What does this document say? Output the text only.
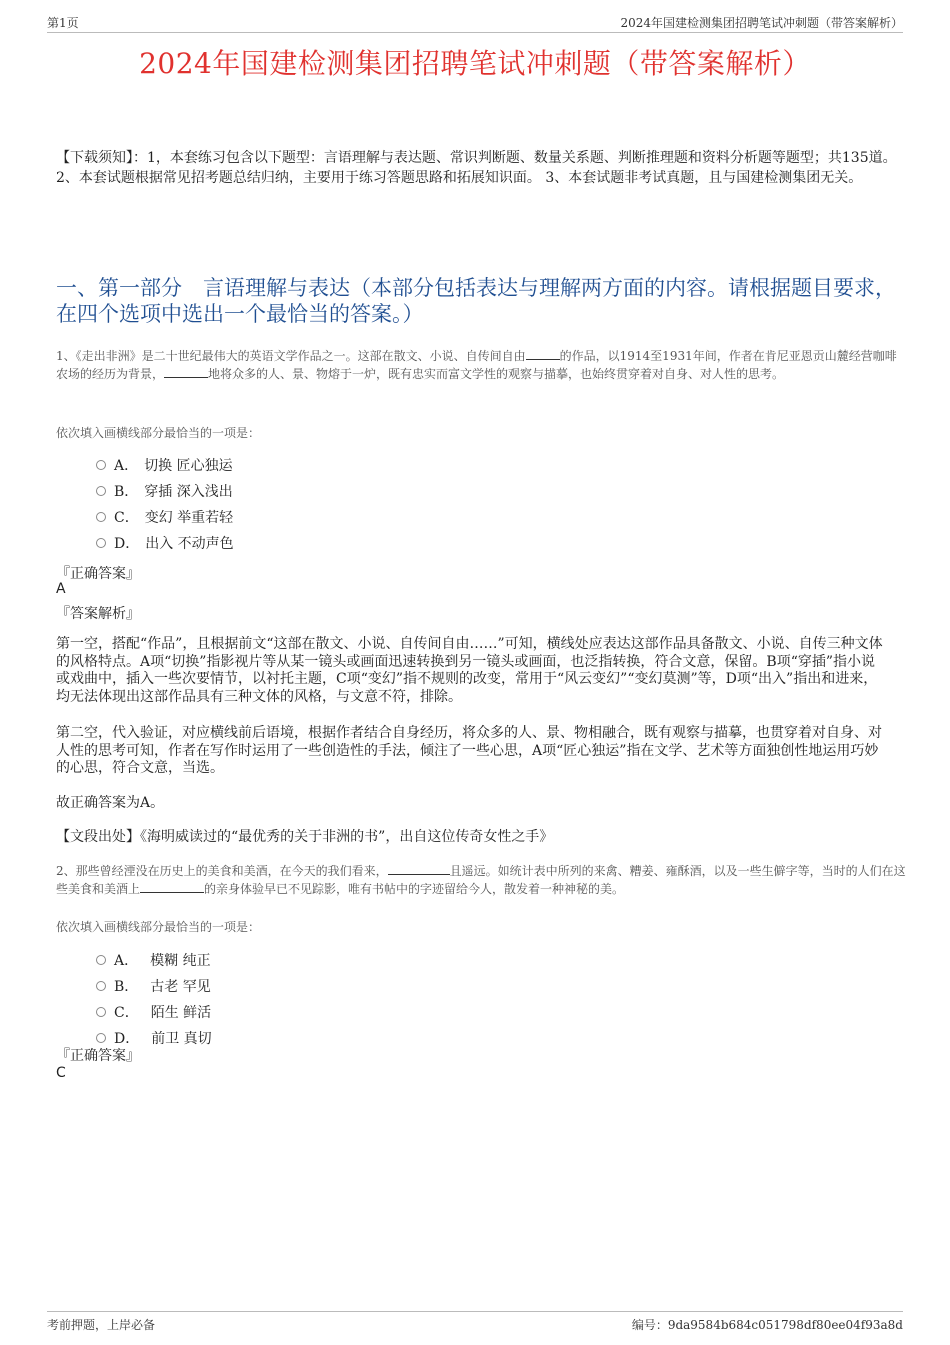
第1页	2024年国建检测集团招聘笔试冲刺题（带答案解析）
2024年国建检测集团招聘笔试冲刺题（带答案解析）
【下载须知】：1，本套练习包含以下题型：言语理解与表达题、常识判断题、数量关系题、判断推理题和资料分析题等题型；共135道。 2、本套试题根据常见招考题总结归纳，主要用于练习答题思路和拓展知识面。 3、本套试题非考试真题，且与国建检测集团无关。
一、第一部分　言语理解与表达（本部分包括表达与理解两方面的内容。请根据题目要求，在四个选项中选出一个最恰当的答案。）
1、《走出非洲》是二十世纪最伟大的英语文学作品之一。这部在散文、小说、自传间自由	的作品，以1914至1931年间，作者在肯尼亚恩贡山麓经营咖啡农场的经历为背景，	地将众多的人、景、物熔于一炉，既有忠实而富文学性的观察与描摹，也始终贯穿着对自身、对人性的思考。
依次填入画横线部分最恰当的一项是：
A． 切换 匠心独运
B． 穿插 深入浅出
C． 变幻 举重若轻
D． 出入 不动声色
『正确答案』
A
『答案解析』
第一空，搭配“作品”，且根据前文“这部在散文、小说、自传间自由……”可知，横线处应表达这部作品具备散文、小说、自传三种文体的风格特点。A项“切换”指影视片等从某一镜头或画面迅速转换到另一镜头或画面，也泛指转换，符合文意，保留。B项“穿插”指小说或戏曲中，插入一些次要情节，以衬托主题，C项“变幻”指不规则的改变，常用于“风云变幻”“变幻莫测”等，D项“出入”指出和进来，均无法体现出这部作品具有三种文体的风格，与文意不符，排除。
第二空，代入验证，对应横线前后语境，根据作者结合自身经历，将众多的人、景、物相融合，既有观察与描摹，也贯穿着对自身、对人性的思考可知，作者在写作时运用了一些创造性的手法，倾注了一些心思，A项“匠心独运”指在文学、艺术等方面独创性地运用巧妙的心思，符合文意，当选。
故正确答案为A。
【文段出处】《海明威读过的“最优秀的关于非洲的书”，出自这位传奇女性之手》
2、那些曾经湮没在历史上的美食和美酒，在今天的我们看来，	且遥远。如统计表中所列的来禽、糟姜、雍酥酒，以及一些生僻字等，当时的人们在这些美食和美酒上	的亲身体验早已不见踪影，唯有书帖中的字迹留给今人，散发着一种神秘的美。
依次填入画横线部分最恰当的一项是：
A． 模糊 纯正
B． 古老 罕见
C． 陌生 鲜活
D． 前卫 真切
『正确答案』
C
考前押题，上岸必备	编号：9da9584b684c051798df80ee04f93a8d
